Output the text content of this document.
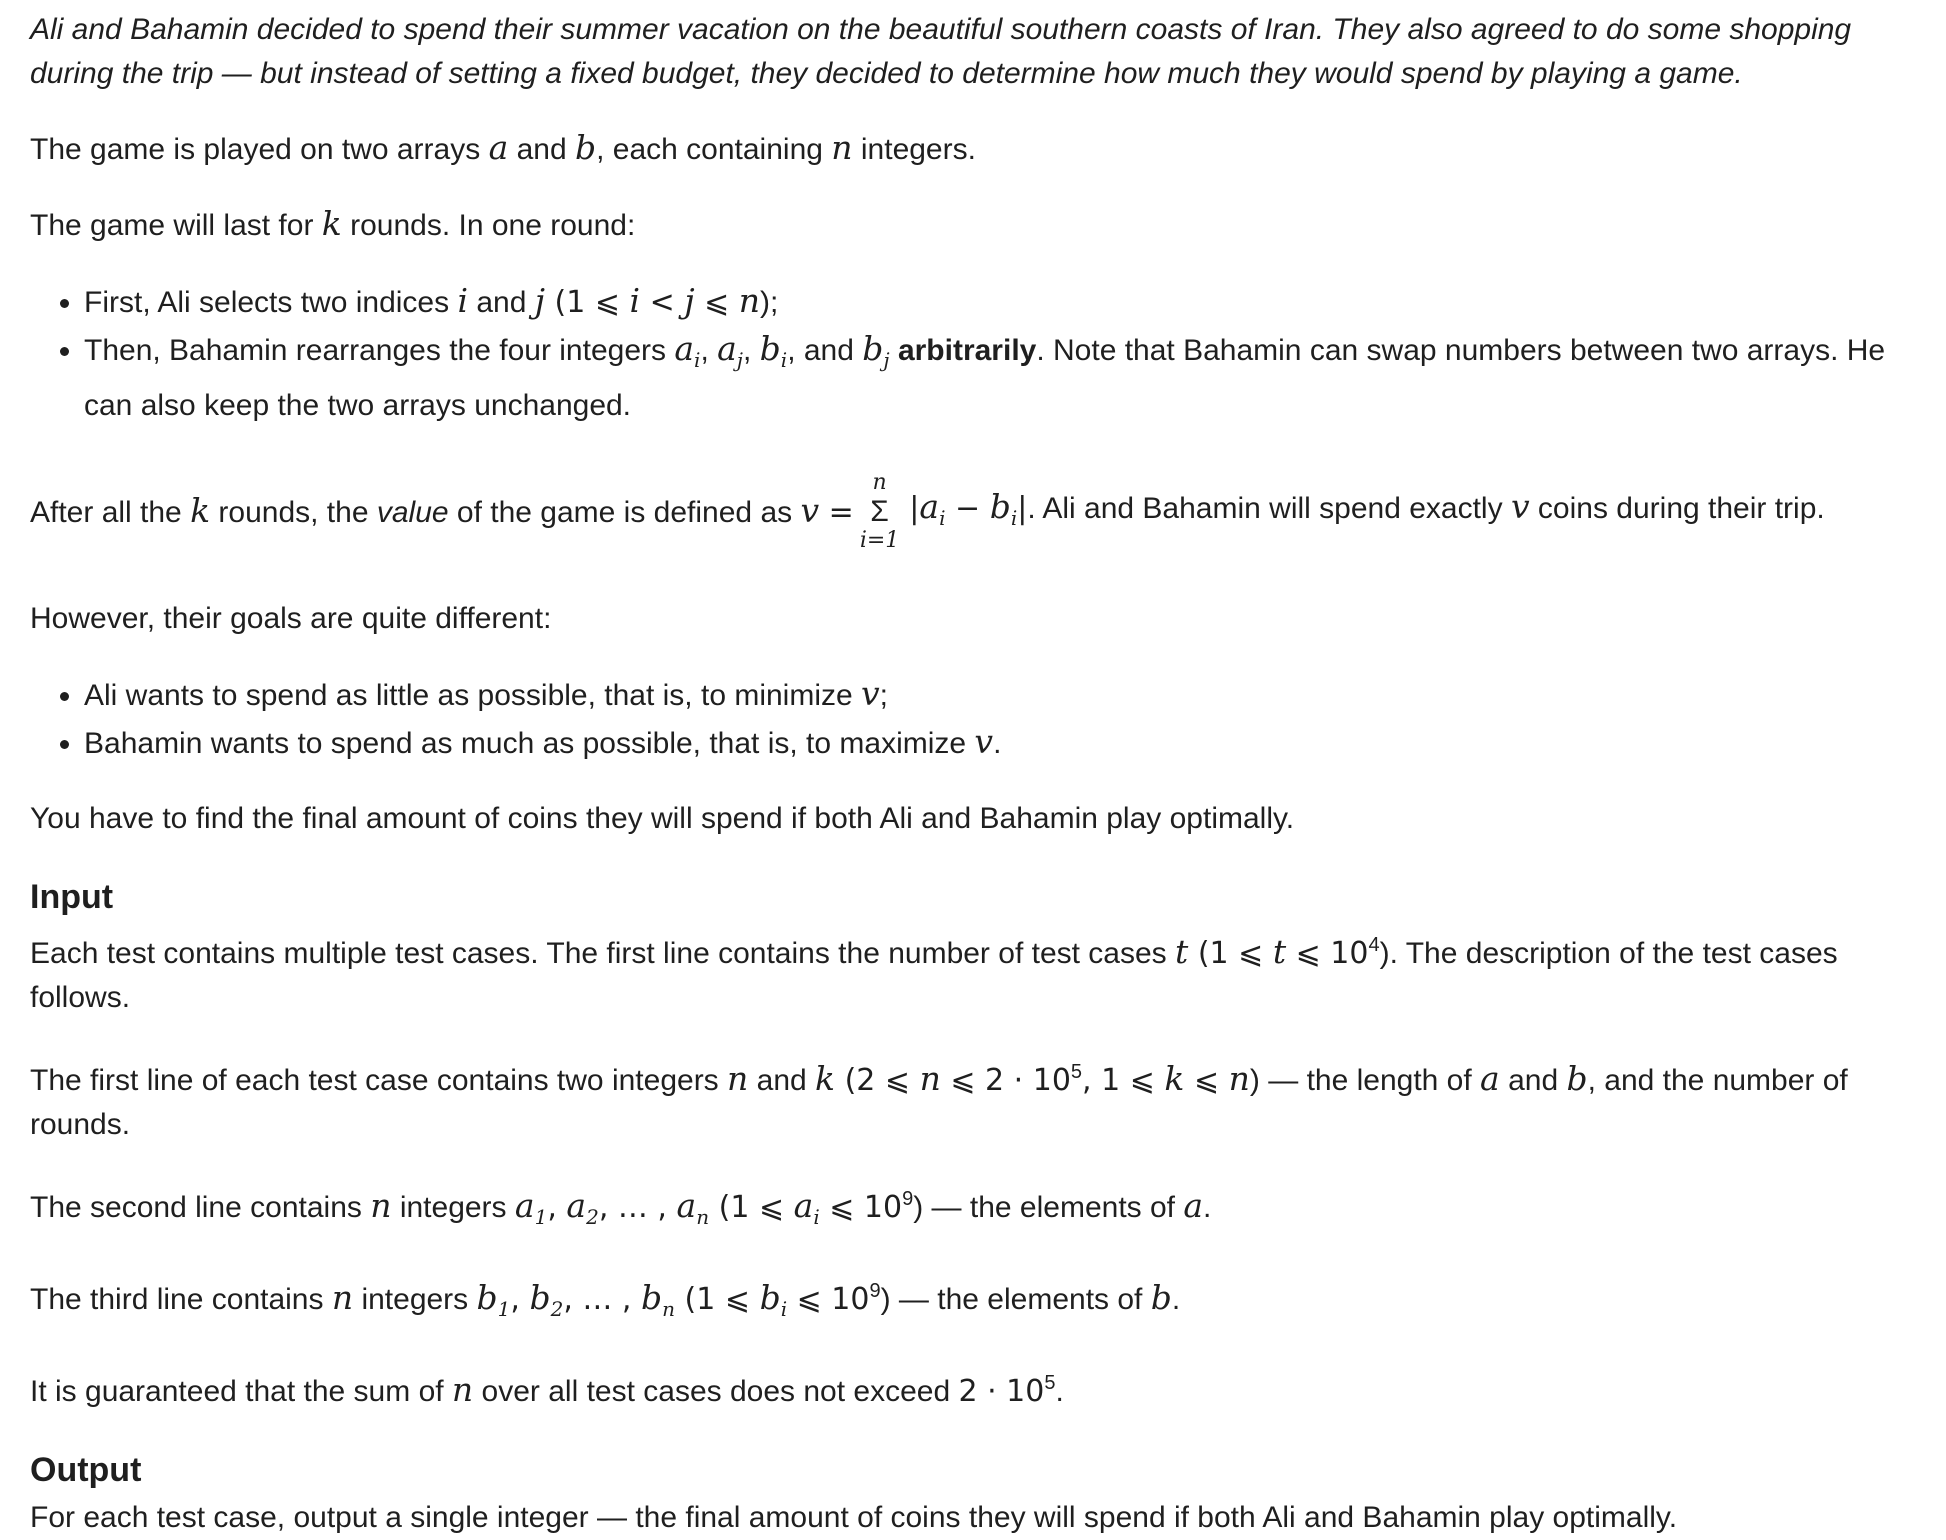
Ali and Bahamin decided to spend their summer vacation on the beautiful southern coasts of Iran. They also agreed to do some shopping during the trip — but instead of setting a fixed budget, they decided to determine how much they would spend by playing a game.

The game is played on two arrays a and b, each containing n integers.

The game will last for k rounds. In one round:

• First, Ali selects two indices i and j (1 ⩽ i < j ⩽ n);
• Then, Bahamin rearranges the four integers $a_i$, $a_j$, $b_i$, and $b_j$ arbitrarily. Note that Bahamin can swap numbers between two arrays. He can also keep the two arrays unchanged.
After all the k rounds, the value of the game is defined as v =
n
Σ
i=1
$|a_i - b_i|$. Ali and Bahamin will spend exactly v coins during their trip.

However, their goals are quite different:

• Ali wants to spend as little as possible, that is, to minimize v;
• Bahamin wants to spend as much as possible, that is, to maximize v.

You have to find the final amount of coins they will spend if both Ali and Bahamin play optimally.

Input

Each test contains multiple test cases. The first line contains the number of test cases t (1 ⩽ t ⩽ $10^4$). The description of the test cases follows.

The first line of each test case contains two integers n and k (2 ⩽ n ⩽ $2 \cdot 10^5$, 1 ⩽ k ⩽ n) — the length of a and b, and the number of rounds.

The second line contains n integers $a_1$, $a_2$, … , $a_n$ (1 ⩽ $a_i$ ⩽ $10^9$) — the elements of a.

The third line contains n integers $b_1$, $b_2$, … , $b_n$ (1 ⩽ $b_i$ ⩽ $10^9$) — the elements of b.

It is guaranteed that the sum of n over all test cases does not exceed $2 \cdot 10^5$.

Output

For each test case, output a single integer — the final amount of coins they will spend if both Ali and Bahamin play optimally.
